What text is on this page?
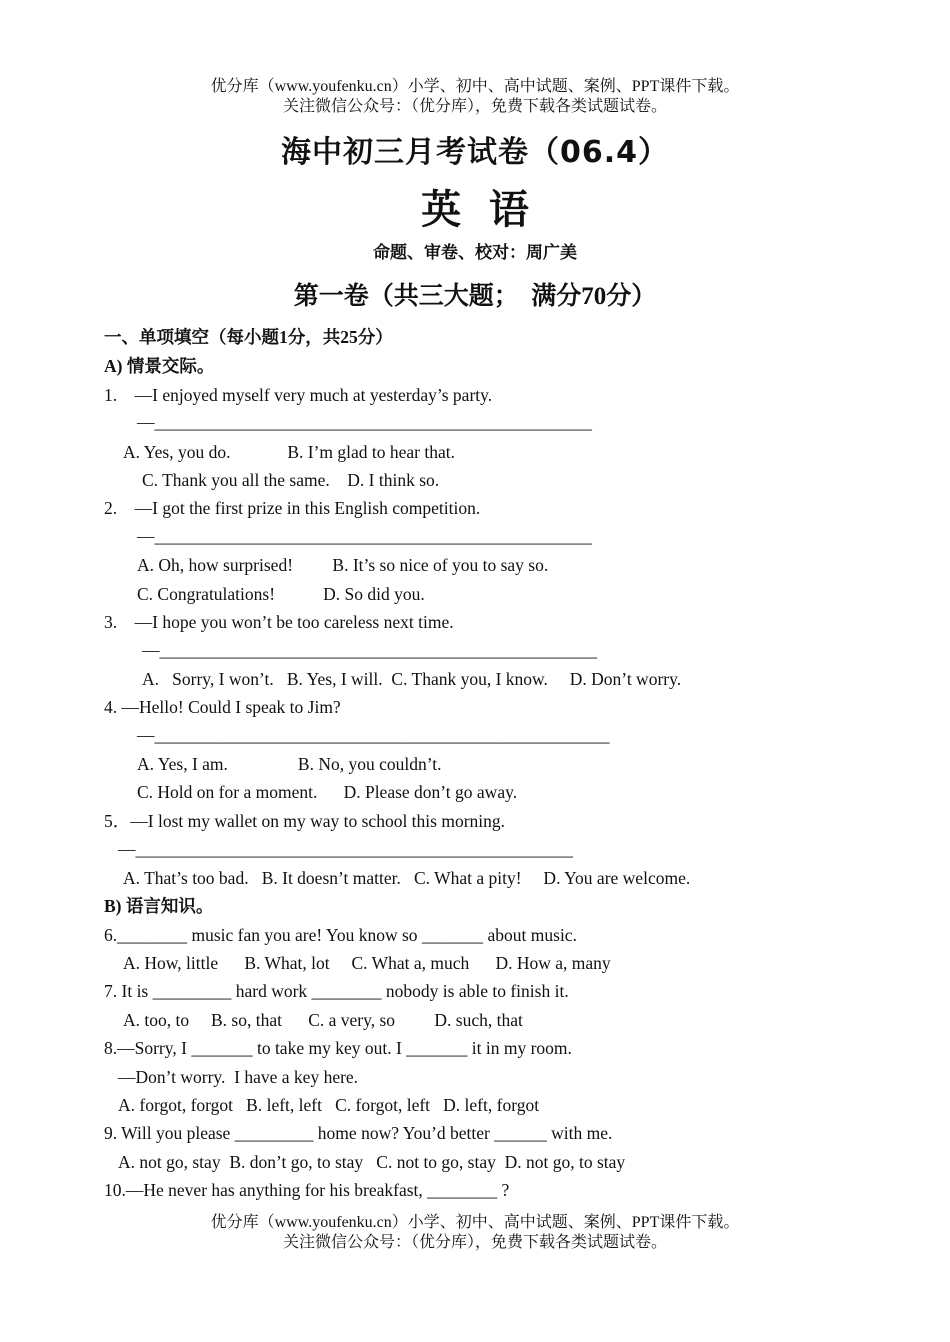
优分库（www.youfenku.cn）小学、初中、高中试题、案例、PPT课件下载。
关注微信公众号：（优分库），免费下载各类试题试卷。
海中初三月考试卷（06.4）
英  语
命题、审卷、校对：周广美
第一卷（共三大题；  满分70分）
一、单项填空（每小题1分，共25分）
A) 情景交际。
1.    —I enjoyed myself very much at yesterday’s party.
—__________________________________________________
A. Yes, you do.             B. I’m glad to hear that.
C. Thank you all the same.    D. I think so.
2.    —I got the first prize in this English competition.
—__________________________________________________
A. Oh, how surprised!         B. It’s so nice of you to say so.
C. Congratulations!           D. So did you.
3.    —I hope you won’t be too careless next time.
—__________________________________________________
A.   Sorry, I won’t.   B. Yes, I will.  C. Thank you, I know.     D. Don’t worry.
4. —Hello! Could I speak to Jim?
—____________________________________________________
A. Yes, I am.                B. No, you couldn’t.
C. Hold on for a moment.      D. Please don’t go away.
5．—I lost my wallet on my way to school this morning.
—__________________________________________________
A. That’s too bad.   B. It doesn’t matter.   C. What a pity!     D. You are welcome.
B) 语言知识。
6.________ music fan you are! You know so _______ about music.
A. How, little      B. What, lot     C. What a, much      D. How a, many
7. It is _________ hard work ________ nobody is able to finish it.
A. too, to     B. so, that      C. a very, so         D. such, that
8.—Sorry, I _______ to take my key out. I _______ it in my room.
—Don’t worry.  I have a key here.
A. forgot, forgot   B. left, left   C. forgot, left   D. left, forgot
9. Will you please _________ home now? You’d better ______ with me.
A. not go, stay  B. don’t go, to stay   C. not to go, stay  D. not go, to stay
10.—He never has anything for his breakfast, ________ ?
优分库（www.youfenku.cn）小学、初中、高中试题、案例、PPT课件下载。
关注微信公众号：（优分库），免费下载各类试题试卷。
